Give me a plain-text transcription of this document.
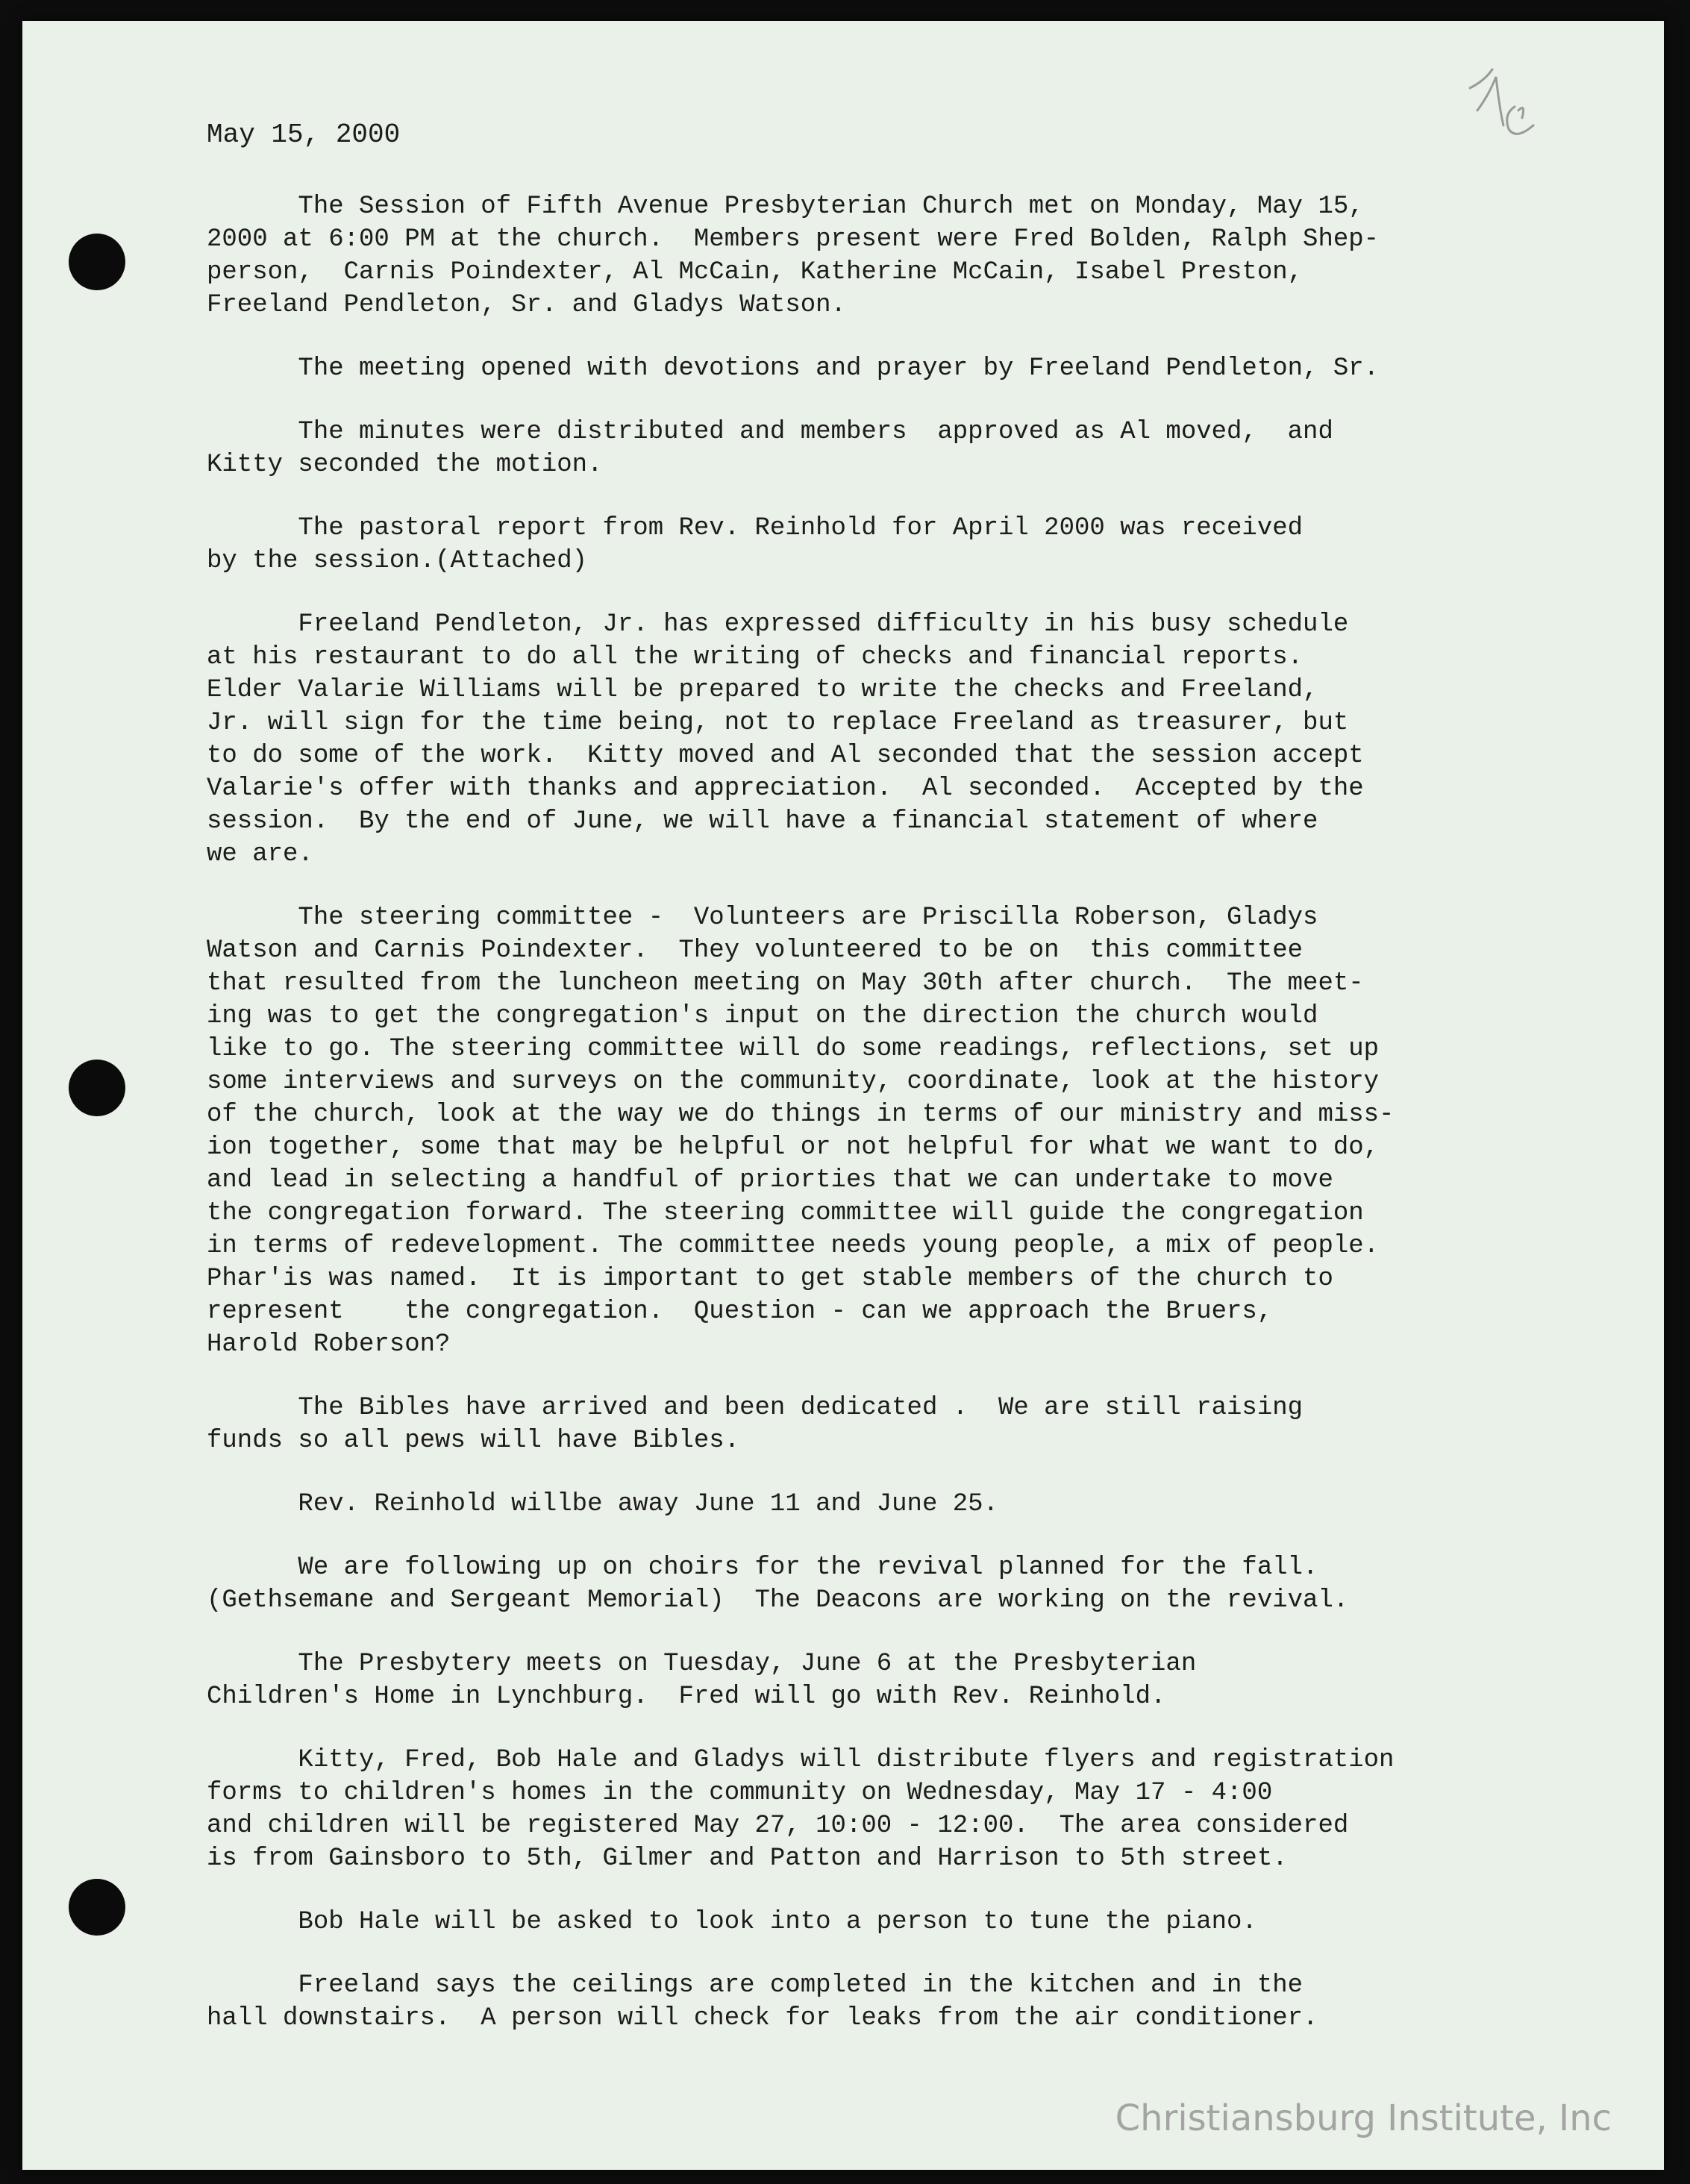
May 15, 2000

The Session of Fifth Avenue Presbyterian Church met on Monday, May 15,
2000 at 6:00 PM at the church.  Members present were Fred Bolden, Ralph Shep-
person,  Carnis Poindexter, Al McCain, Katherine McCain, Isabel Preston,
Freeland Pendleton, Sr. and Gladys Watson.

The meeting opened with devotions and prayer by Freeland Pendleton, Sr.

The minutes were distributed and members  approved as Al moved,  and
Kitty seconded the motion.

The pastoral report from Rev. Reinhold for April 2000 was received
by the session.(Attached)

Freeland Pendleton, Jr. has expressed difficulty in his busy schedule
at his restaurant to do all the writing of checks and financial reports.
Elder Valarie Williams will be prepared to write the checks and Freeland,
Jr. will sign for the time being, not to replace Freeland as treasurer, but
to do some of the work.  Kitty moved and Al seconded that the session accept
Valarie's offer with thanks and appreciation.  Al seconded.  Accepted by the
session.  By the end of June, we will have a financial statement of where
we are.

The steering committee -  Volunteers are Priscilla Roberson, Gladys
Watson and Carnis Poindexter.  They volunteered to be on  this committee
that resulted from the luncheon meeting on May 30th after church.  The meet-
ing was to get the congregation's input on the direction the church would
like to go. The steering committee will do some readings, reflections, set up
some interviews and surveys on the community, coordinate, look at the history
of the church, look at the way we do things in terms of our ministry and miss-
ion together, some that may be helpful or not helpful for what we want to do,
and lead in selecting a handful of priorties that we can undertake to move
the congregation forward. The steering committee will guide the congregation
in terms of redevelopment. The committee needs young people, a mix of people.
Phar'is was named.  It is important to get stable members of the church to
represent    the congregation.  Question - can we approach the Bruers,
Harold Roberson?

The Bibles have arrived and been dedicated .  We are still raising
funds so all pews will have Bibles.

Rev. Reinhold willbe away June 11 and June 25.

We are following up on choirs for the revival planned for the fall.
(Gethsemane and Sergeant Memorial)  The Deacons are working on the revival.

The Presbytery meets on Tuesday, June 6 at the Presbyterian
Children's Home in Lynchburg.  Fred will go with Rev. Reinhold.

Kitty, Fred, Bob Hale and Gladys will distribute flyers and registration
forms to children's homes in the community on Wednesday, May 17 - 4:00
and children will be registered May 27, 10:00 - 12:00.  The area considered
is from Gainsboro to 5th, Gilmer and Patton and Harrison to 5th street.

Bob Hale will be asked to look into a person to tune the piano.

Freeland says the ceilings are completed in the kitchen and in the
hall downstairs.  A person will check for leaks from the air conditioner.

Christiansburg Institute, Inc
